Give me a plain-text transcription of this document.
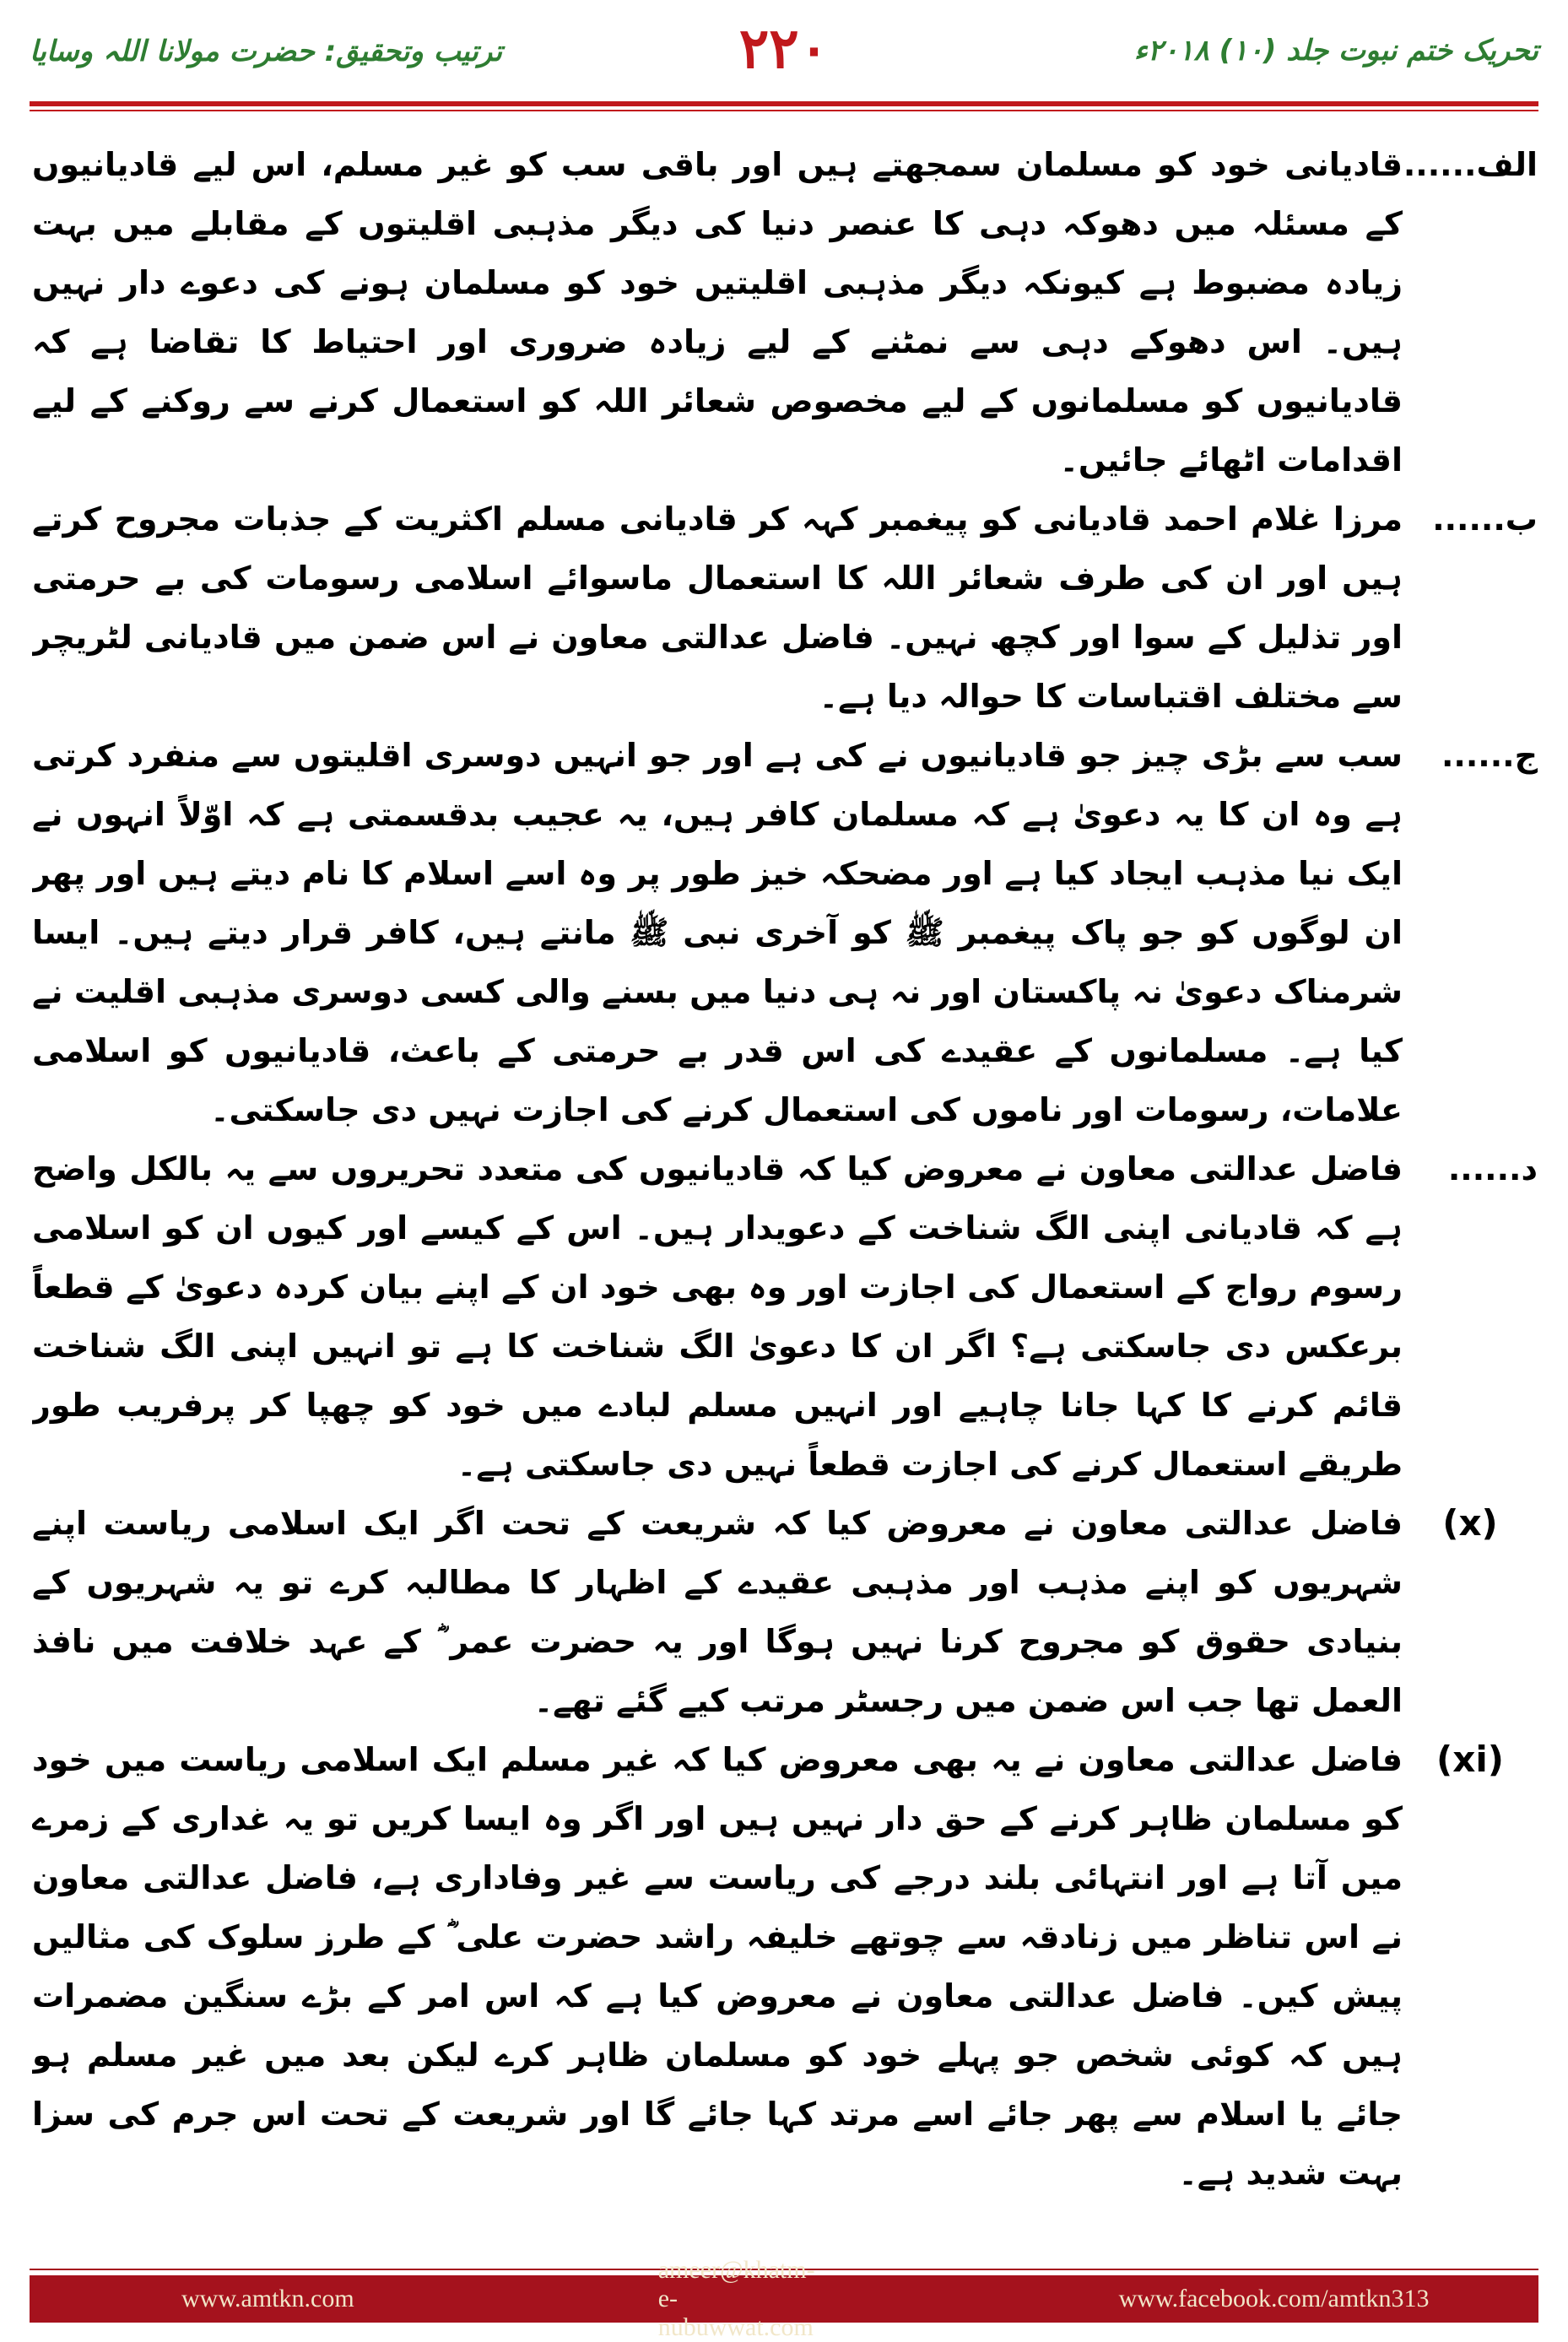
ترتیب وتحقیق: حضرت مولانا اللہ وسایا	۲۲۰	تحریک ختم نبوت جلد (۱۰) ۲۰۱۸ء
الف......
قادیانی خود کو مسلمان سمجھتے ہیں اور باقی سب کو غیر مسلم، اس لیے قادیانیوں کے مسئلہ میں دھوکہ دہی کا عنصر دنیا کی دیگر مذہبی اقلیتوں کے مقابلے میں بہت زیادہ مضبوط ہے کیونکہ دیگر مذہبی اقلیتیں خود کو مسلمان ہونے کی دعوے دار نہیں ہیں۔ اس دھوکے دہی سے نمٹنے کے لیے زیادہ ضروری اور احتیاط کا تقاضا ہے کہ قادیانیوں کو مسلمانوں کے لیے مخصوص شعائر اللہ کو استعمال کرنے سے روکنے کے لیے اقدامات اٹھائے جائیں۔
ب......
مرزا غلام احمد قادیانی کو پیغمبر کہہ کر قادیانی مسلم اکثریت کے جذبات مجروح کرتے ہیں اور ان کی طرف شعائر اللہ کا استعمال ماسوائے اسلامی رسومات کی بے حرمتی اور تذلیل کے سوا اور کچھ نہیں۔ فاضل عدالتی معاون نے اس ضمن میں قادیانی لٹریچر سے مختلف اقتباسات کا حوالہ دیا ہے۔
ج......
سب سے بڑی چیز جو قادیانیوں نے کی ہے اور جو انہیں دوسری اقلیتوں سے منفرد کرتی ہے وہ ان کا یہ دعویٰ ہے کہ مسلمان کافر ہیں، یہ عجیب بدقسمتی ہے کہ اوّلاً انہوں نے ایک نیا مذہب ایجاد کیا ہے اور مضحکہ خیز طور پر وہ اسے اسلام کا نام دیتے ہیں اور پھر ان لوگوں کو جو پاک پیغمبر ﷺ کو آخری نبی ﷺ مانتے ہیں، کافر قرار دیتے ہیں۔ ایسا شرمناک دعویٰ نہ پاکستان اور نہ ہی دنیا میں بسنے والی کسی دوسری مذہبی اقلیت نے کیا ہے۔ مسلمانوں کے عقیدے کی اس قدر بے حرمتی کے باعث، قادیانیوں کو اسلامی علامات، رسومات اور ناموں کی استعمال کرنے کی اجازت نہیں دی جاسکتی۔
د......
فاضل عدالتی معاون نے معروض کیا کہ قادیانیوں کی متعدد تحریروں سے یہ بالکل واضح ہے کہ قادیانی اپنی الگ شناخت کے دعویدار ہیں۔ اس کے کیسے اور کیوں ان کو اسلامی رسوم رواج کے استعمال کی اجازت اور وہ بھی خود ان کے اپنے بیان کردہ دعویٰ کے قطعاً برعکس دی جاسکتی ہے؟ اگر ان کا دعویٰ الگ شناخت کا ہے تو انہیں اپنی الگ شناخت قائم کرنے کا کہا جانا چاہیے اور انہیں مسلم لبادے میں خود کو چھپا کر پرفریب طور طریقے استعمال کرنے کی اجازت قطعاً نہیں دی جاسکتی ہے۔
(x)
فاضل عدالتی معاون نے معروض کیا کہ شریعت کے تحت اگر ایک اسلامی ریاست اپنے شہریوں کو اپنے مذہب اور مذہبی عقیدے کے اظہار کا مطالبہ کرے تو یہ شہریوں کے بنیادی حقوق کو مجروح کرنا نہیں ہوگا اور یہ حضرت عمر ؓ کے عہد خلافت میں نافذ العمل تھا جب اس ضمن میں رجسٹر مرتب کیے گئے تھے۔
(xi)
فاضل عدالتی معاون نے یہ بھی معروض کیا کہ غیر مسلم ایک اسلامی ریاست میں خود کو مسلمان ظاہر کرنے کے حق دار نہیں ہیں اور اگر وہ ایسا کریں تو یہ غداری کے زمرے میں آتا ہے اور انتہائی بلند درجے کی ریاست سے غیر وفاداری ہے، فاضل عدالتی معاون نے اس تناظر میں زنادقہ سے چوتھے خلیفہ راشد حضرت علی ؓ کے طرز سلوک کی مثالیں پیش کیں۔ فاضل عدالتی معاون نے معروض کیا ہے کہ اس امر کے بڑے سنگین مضمرات ہیں کہ کوئی شخص جو پہلے خود کو مسلمان ظاہر کرے لیکن بعد میں غیر مسلم ہو جائے یا اسلام سے پھر جائے اسے مرتد کہا جائے گا اور شریعت کے تحت اس جرم کی سزا بہت شدید ہے۔
www.amtkn.com
ameer@khatm-e-nubuwwat.com
www.facebook.com/amtkn313
